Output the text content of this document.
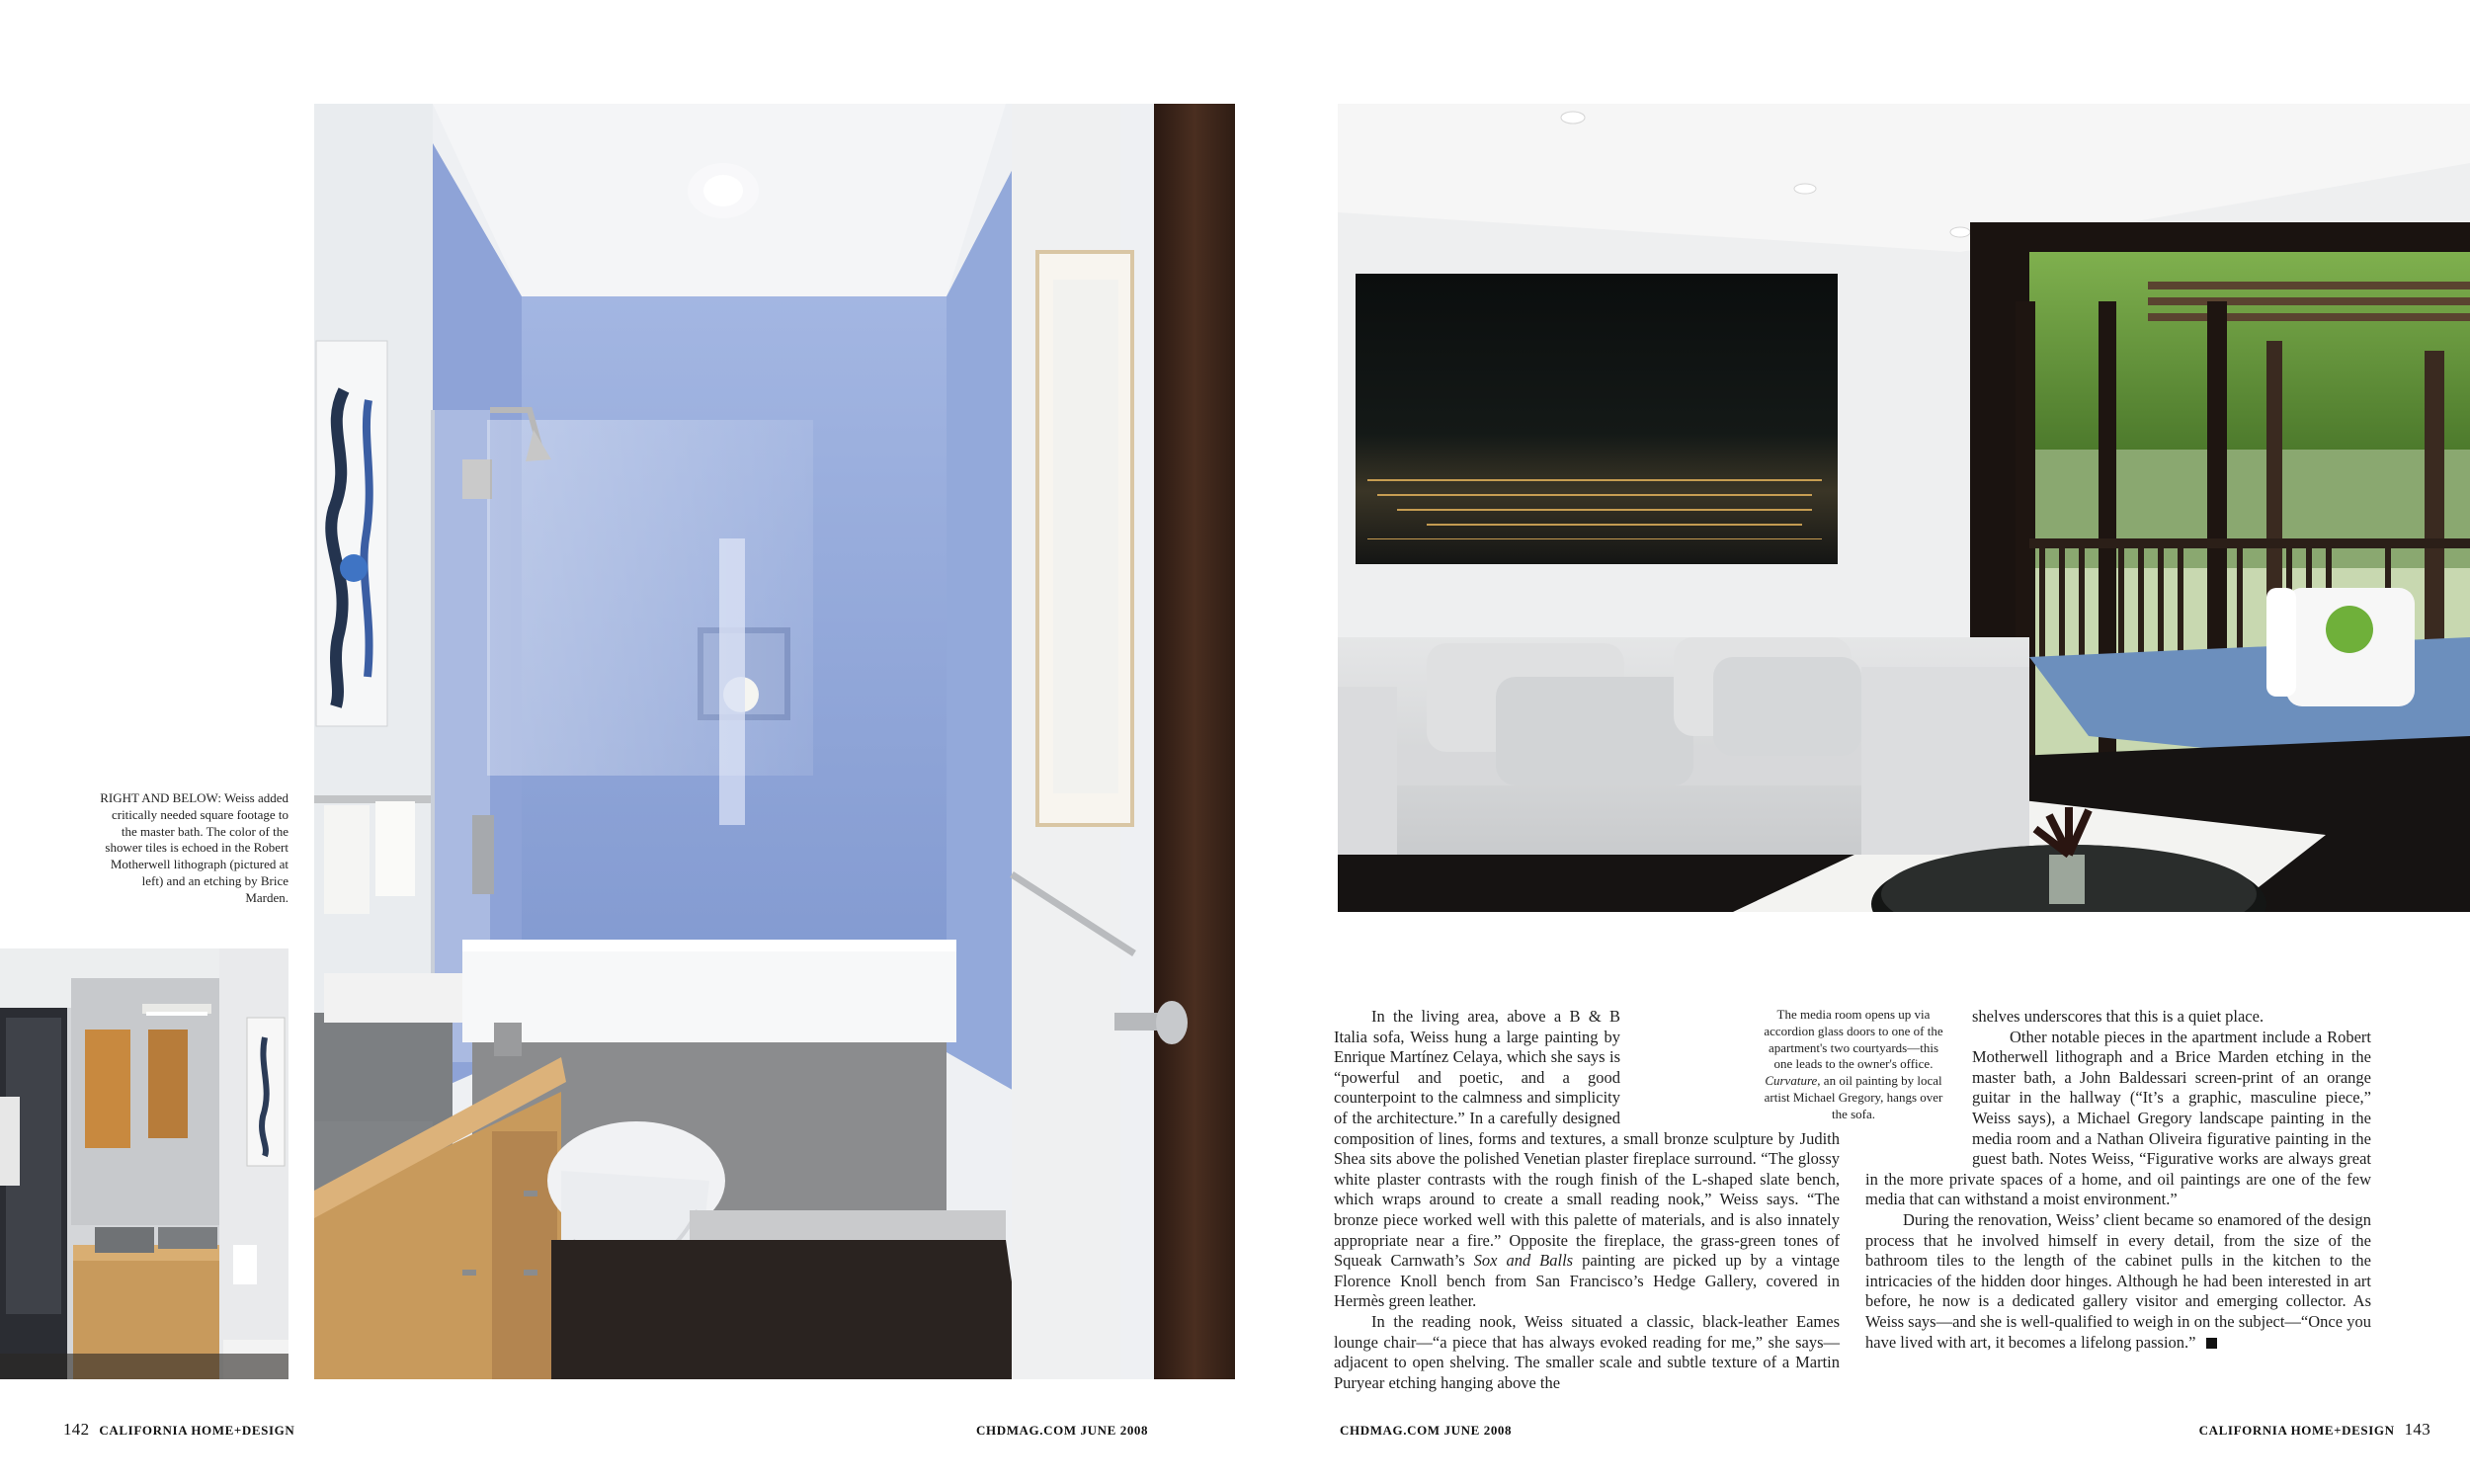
RIGHT AND BELOW: Weiss added critically needed square footage to the master bath. The color of the shower tiles is echoed in the Robert Motherwell lithograph (pictured at left) and an etching by Brice Marden.

In the living area, above a B & B Italia sofa, Weiss hung a large painting by Enrique Martínez Celaya, which she says is “powerful and poetic, and a good counterpoint to the calmness and simplicity of the architecture.” In a carefully designed composition of lines, forms and textures, a small bronze sculpture by Judith Shea sits above the polished Venetian plaster fireplace surround. “The glossy white plaster contrasts with the rough finish of the L-shaped slate bench, which wraps around to create a small reading nook,” Weiss says. “The bronze piece worked well with this palette of materials, and is also innately appropriate near a fire.” Opposite the fireplace, the grass-green tones of Squeak Carnwath’s Sox and Balls painting are picked up by a vintage Florence Knoll bench from San Francisco’s Hedge Gallery, covered in Hermès green leather.

In the reading nook, Weiss situated a classic, black-leather Eames lounge chair—“a piece that has always evoked reading for me,” she says—adjacent to open shelving. The smaller scale and subtle texture of a Martin Puryear etching hanging above the

The media room opens up via accordion glass doors to one of the apartment's two courtyards—this one leads to the owner's office. Curvature, an oil painting by local artist Michael Gregory, hangs over the sofa.

shelves underscores that this is a quiet place.

Other notable pieces in the apartment include a Robert Motherwell lithograph and a Brice Marden etching in the master bath, a John Baldessari screen-print of an orange guitar in the hallway (“It’s a graphic, masculine piece,” Weiss says), a Michael Gregory landscape painting in the media room and a Nathan Oliveira figurative painting in the guest bath. Notes Weiss, “Figurative works are always great in the more private spaces of a home, and oil paintings are one of the few media that can withstand a moist environment.”

During the renovation, Weiss’ client became so enamored of the design process that he involved himself in every detail, from the size of the bathroom tiles to the length of the cabinet pulls in the kitchen to the intricacies of the hidden door hinges. Although he had been interested in art before, he now is a dedicated gallery visitor and emerging collector. As Weiss says—and she is well-qualified to weigh in on the subject—“Once you have lived with art, it becomes a lifelong passion.”

142 CALIFORNIA HOME+DESIGN	CHDMAG.COM JUNE 2008	CHDMAG.COM JUNE 2008	CALIFORNIA HOME+DESIGN 143
